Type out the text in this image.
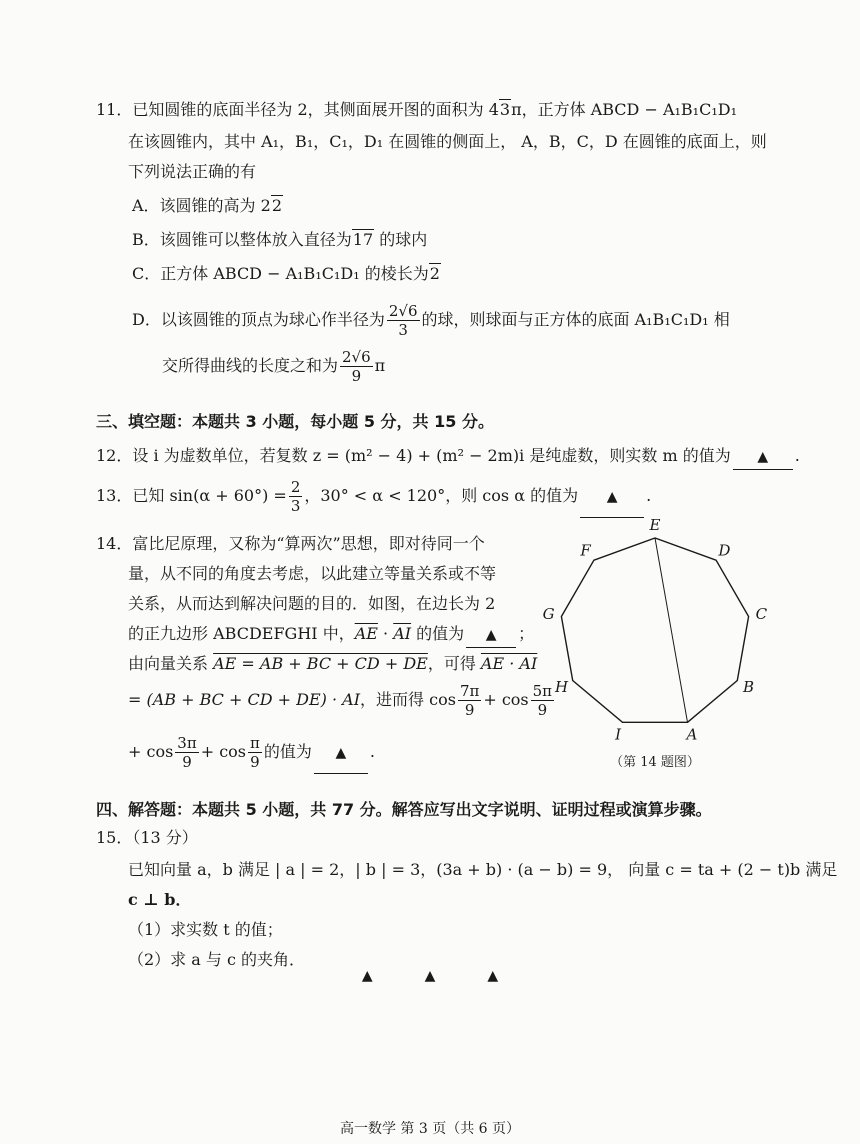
11．已知圆锥的底面半径为 2，其侧面展开图的面积为 43π，正方体 ABCD − A₁B₁C₁D₁
在该圆锥内，其中 A₁，B₁，C₁，D₁ 在圆锥的侧面上， A，B，C，D 在圆锥的底面上，则
下列说法正确的有
A．该圆锥的高为 22
B．该圆锥可以整体放入直径为17 的球内
C．正方体 ABCD − A₁B₁C₁D₁ 的棱长为2
D．以该圆锥的顶点为球心作半径为 $\frac{2√6}{3}$ 的球，则球面与正方体的底面 A₁B₁C₁D₁ 相
交所得曲线的长度之和为 $\frac{2√6}{9}$ π
三、填空题：本题共 3 小题，每小题 5 分，共 15 分。
12．设 i 为虚数单位，若复数 z = (m² − 4) + (m² − 2m)i 是纯虚数，则实数 m 的值为 ▲ .
13．已知 $\sin(\alpha + 60^\circ) = \frac{2}{3}$ ，30° < α < 120°，则 cos α 的值为 ▲ .
14．富比尼原理，又称为“算两次”思想，即对待同一个
量，从不同的角度去考虑，以此建立等量关系或不等
关系，从而达到解决问题的目的．如图，在边长为 2
的正九边形 ABCDEFGHI 中，$\overline{AE} \cdot \overline{AI}$ 的值为 ▲ ；
由向量关系 AE = AB + BC + CD + DE，可得 AE · AI
= (AB + BC + CD + DE) · AI，进而得 $\cos \frac{7\pi}{9} + \cos \frac{5\pi}{9}$
+ $\cos \frac{3\pi}{9} + \cos \frac{\pi}{9}$ 的值为 ▲ .
A
B
C
D
E
F
G
H
I
（第 14 题图）
四、解答题：本题共 5 小题，共 77 分。解答应写出文字说明、证明过程或演算步骤。
15．（13 分）
已知向量 a，b 满足 | a | = 2，| b | = 3，(3a + b) · (a − b) = 9， 向量 c = ta + (2 − t)b 满足
c ⊥ b．
（1）求实数 t 的值；
（2）求 a 与 c 的夹角．
▲	▲	▲
高一数学 第 3 页（共 6 页）
